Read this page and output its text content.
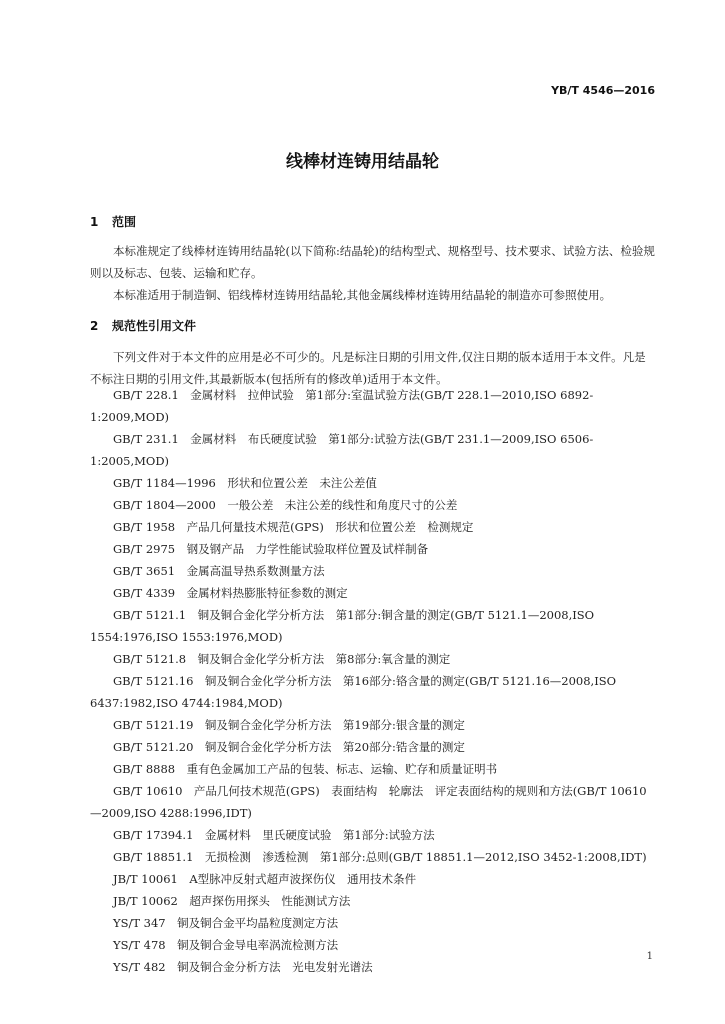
YB/T 4546—2016
线棒材连铸用结晶轮
1 范围

本标准规定了线棒材连铸用结晶轮(以下简称:结晶轮)的结构型式、规格型号、技术要求、试验方法、检验规则以及标志、包装、运输和贮存。

本标准适用于制造铜、铝线棒材连铸用结晶轮,其他金属线棒材连铸用结晶轮的制造亦可参照使用。

2 规范性引用文件

下列文件对于本文件的应用是必不可少的。凡是标注日期的引用文件,仅注日期的版本适用于本文件。凡是不标注日期的引用文件,其最新版本(包括所有的修改单)适用于本文件。

GB/T 228.1　金属材料　拉伸试验　第1部分:室温试验方法(GB/T 228.1—2010,ISO 6892-1:2009,MOD)
GB/T 231.1　金属材料　布氏硬度试验　第1部分:试验方法(GB/T 231.1—2009,ISO 6506-1:2005,MOD)
GB/T 1184—1996　形状和位置公差　未注公差值
GB/T 1804—2000　一般公差　未注公差的线性和角度尺寸的公差
GB/T 1958　产品几何量技术规范(GPS)　形状和位置公差　检测规定
GB/T 2975　钢及钢产品　力学性能试验取样位置及试样制备
GB/T 3651　金属高温导热系数测量方法
GB/T 4339　金属材料热膨胀特征参数的测定
GB/T 5121.1　铜及铜合金化学分析方法　第1部分:铜含量的测定(GB/T 5121.1—2008,ISO 1554:1976,ISO 1553:1976,MOD)
GB/T 5121.8　铜及铜合金化学分析方法　第8部分:氧含量的测定
GB/T 5121.16　铜及铜合金化学分析方法　第16部分:铬含量的测定(GB/T 5121.16—2008,ISO 6437:1982,ISO 4744:1984,MOD)
GB/T 5121.19　铜及铜合金化学分析方法　第19部分:银含量的测定
GB/T 5121.20　铜及铜合金化学分析方法　第20部分:锆含量的测定
GB/T 8888　重有色金属加工产品的包装、标志、运输、贮存和质量证明书
GB/T 10610　产品几何技术规范(GPS)　表面结构　轮廓法　评定表面结构的规则和方法(GB/T 10610—2009,ISO 4288:1996,IDT)
GB/T 17394.1　金属材料　里氏硬度试验　第1部分:试验方法
GB/T 18851.1　无损检测　渗透检测　第1部分:总则(GB/T 18851.1—2012,ISO 3452-1:2008,IDT)
JB/T 10061　A型脉冲反射式超声波探伤仪　通用技术条件
JB/T 10062　超声探伤用探头　性能测试方法
YS/T 347　铜及铜合金平均晶粒度测定方法
YS/T 478　铜及铜合金导电率涡流检测方法
YS/T 482　铜及铜合金分析方法　光电发射光谱法
1
